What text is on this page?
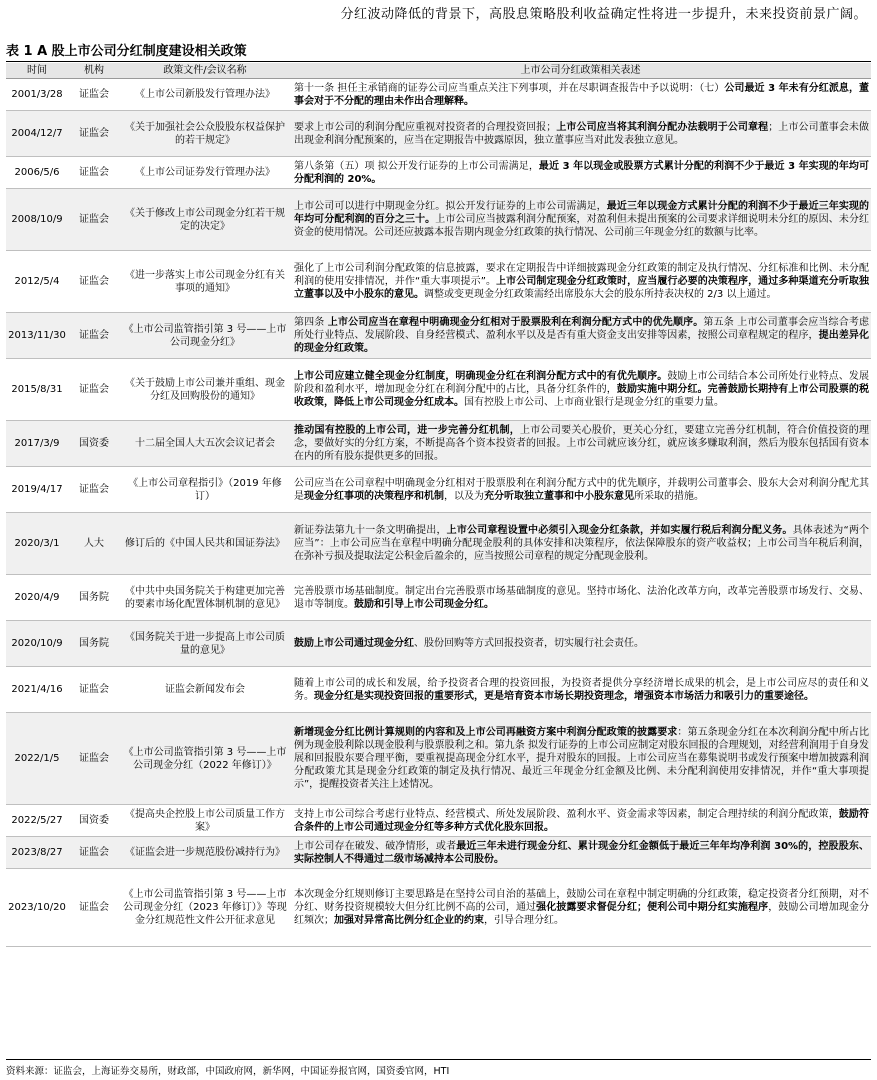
分红波动降低的背景下，高股息策略股利收益确定性将进一步提升，未来投资前景广阔。
表 1 A 股上市公司分红制度建设相关政策
时间	机构	政策文件/会议名称	上市公司分红政策相关表述
2001/3/28	证监会	《上市公司新股发行管理办法》	第十一条 担任主承销商的证券公司应当重点关注下列事项，并在尽职调查报告中予以说明：（七）公司最近 3 年未有分红派息，董事会对于不分配的理由未作出合理解释。
2004/12/7	证监会	《关于加强社会公众股股东权益保护的若干规定》	要求上市公司的利润分配应重视对投资者的合理投资回报；上市公司应当将其利润分配办法载明于公司章程；上市公司董事会未做出现金利润分配预案的，应当在定期报告中披露原因，独立董事应当对此发表独立意见。
2006/5/6	证监会	《上市公司证券发行管理办法》	第八条第（五）项 拟公开发行证券的上市公司需满足，最近 3 年以现金或股票方式累计分配的利润不少于最近 3 年实现的年均可分配利润的 20%。
2008/10/9	证监会	《关于修改上市公司现金分红若干规定的决定》	上市公司可以进行中期现金分红。拟公开发行证券的上市公司需满足，最近三年以现金方式累计分配的利润不少于最近三年实现的年均可分配利润的百分之三十。上市公司应当披露利润分配预案，对盈利但未提出预案的公司要求详细说明未分红的原因、未分红资金的使用情况。公司还应披露本报告期内现金分红政策的执行情况、公司前三年现金分红的数额与比率。
2012/5/4	证监会	《进一步落实上市公司现金分红有关事项的通知》	强化了上市公司利润分配政策的信息披露，要求在定期报告中详细披露现金分红政策的制定及执行情况、分红标准和比例、未分配利润的使用安排情况，并作“重大事项提示”。上市公司制定现金分红政策时，应当履行必要的决策程序，通过多种渠道充分听取独立董事以及中小股东的意见。调整或变更现金分红政策需经出席股东大会的股东所持表决权的 2/3 以上通过。
2013/11/30	证监会	《上市公司监管指引第 3 号——上市公司现金分红》	第四条 上市公司应当在章程中明确现金分红相对于股票股利在利润分配方式中的优先顺序。第五条 上市公司董事会应当综合考虑所处行业特点、发展阶段、自身经营模式、盈利水平以及是否有重大资金支出安排等因素，按照公司章程规定的程序，提出差异化的现金分红政策。
2015/8/31	证监会	《关于鼓励上市公司兼并重组、现金分红及回购股份的通知》	上市公司应建立健全现金分红制度，明确现金分红在利润分配方式中的有优先顺序。鼓励上市公司结合本公司所处行业特点、发展阶段和盈利水平，增加现金分红在利润分配中的占比，具备分红条件的，鼓励实施中期分红。完善鼓励长期持有上市公司股票的税收政策，降低上市公司现金分红成本。国有控股上市公司、上市商业银行是现金分红的重要力量。
2017/3/9	国资委	十二届全国人大五次会议记者会	推动国有控股的上市公司，进一步完善分红机制，上市公司要关心股价，更关心分红，要建立完善分红机制，符合价值投资的理念，要做好实的分红方案，不断提高各个资本投资者的回报。上市公司就应该分红，就应该多赚取利润，然后为股东包括国有资本在内的所有股东提供更多的回报。
2019/4/17	证监会	《上市公司章程指引》（2019 年修订）	公司应当在公司章程中明确现金分红相对于股票股利在利润分配方式中的优先顺序，并载明公司董事会、股东大会对利润分配尤其是现金分红事项的决策程序和机制，以及为充分听取独立董事和中小股东意见所采取的措施。
2020/3/1	人大	修订后的《中国人民共和国证券法》	新证券法第九十一条文明确提出，上市公司章程设置中必须引入现金分红条款，并如实履行税后利润分配义务。具体表述为“两个应当”：上市公司应当在章程中明确分配现金股利的具体安排和决策程序，依法保障股东的资产收益权；上市公司当年税后利润，在弥补亏损及提取法定公积金后盈余的，应当按照公司章程的规定分配现金股利。
2020/4/9	国务院	《中共中央国务院关于构建更加完善的要素市场化配置体制机制的意见》	完善股票市场基础制度。制定出台完善股票市场基础制度的意见。坚持市场化、法治化改革方向，改革完善股票市场发行、交易、退市等制度。鼓励和引导上市公司现金分红。
2020/10/9	国务院	《国务院关于进一步提高上市公司质量的意见》	鼓励上市公司通过现金分红、股份回购等方式回报投资者，切实履行社会责任。
2021/4/16	证监会	证监会新闻发布会	随着上市公司的成长和发展，给予投资者合理的投资回报，为投资者提供分享经济增长成果的机会，是上市公司应尽的责任和义务。现金分红是实现投资回报的重要形式，更是培育资本市场长期投资理念，增强资本市场活力和吸引力的重要途径。
2022/1/5	证监会	《上市公司监管指引第 3 号——上市公司现金分红（2022 年修订）》	新增现金分红比例计算规则的内容和及上市公司再融资方案中利润分配政策的披露要求：第五条现金分红在本次利润分配中所占比例为现金股利除以现金股利与股票股利之和。第九条 拟发行证券的上市公司应制定对股东回报的合理规划，对经营利润用于自身发展和回报股东要合理平衡，要重视提高现金分红水平，提升对股东的回报。上市公司应当在募集说明书或发行预案中增加披露利润分配政策尤其是现金分红政策的制定及执行情况、最近三年现金分红金额及比例、未分配利润使用安排情况，并作“重大事项提示”，提醒投资者关注上述情况。
2022/5/27	国资委	《提高央企控股上市公司质量工作方案》	支持上市公司综合考虑行业特点、经营模式、所处发展阶段、盈利水平、资金需求等因素，制定合理持续的利润分配政策，鼓励符合条件的上市公司通过现金分红等多种方式优化股东回报。
2023/8/27	证监会	《证监会进一步规范股份减持行为》	上市公司存在破发、破净情形，或者最近三年未进行现金分红、累计现金分红金额低于最近三年年均净利润 30%的，控股股东、实际控制人不得通过二级市场减持本公司股份。
2023/10/20	证监会	《上市公司监管指引第 3 号——上市公司现金分红（2023 年修订）》等现金分红规范性文件公开征求意见	本次现金分红规则修订主要思路是在坚持公司自治的基础上，鼓励公司在章程中制定明确的分红政策，稳定投资者分红预期，对不分红、财务投资规模较大但分红比例不高的公司，通过强化披露要求督促分红；便利公司中期分红实施程序，鼓励公司增加现金分红频次；加强对异常高比例分红企业的约束，引导合理分红。
资料来源：证监会，上海证券交易所，财政部，中国政府网，新华网，中国证券报官网，国资委官网，HTI
